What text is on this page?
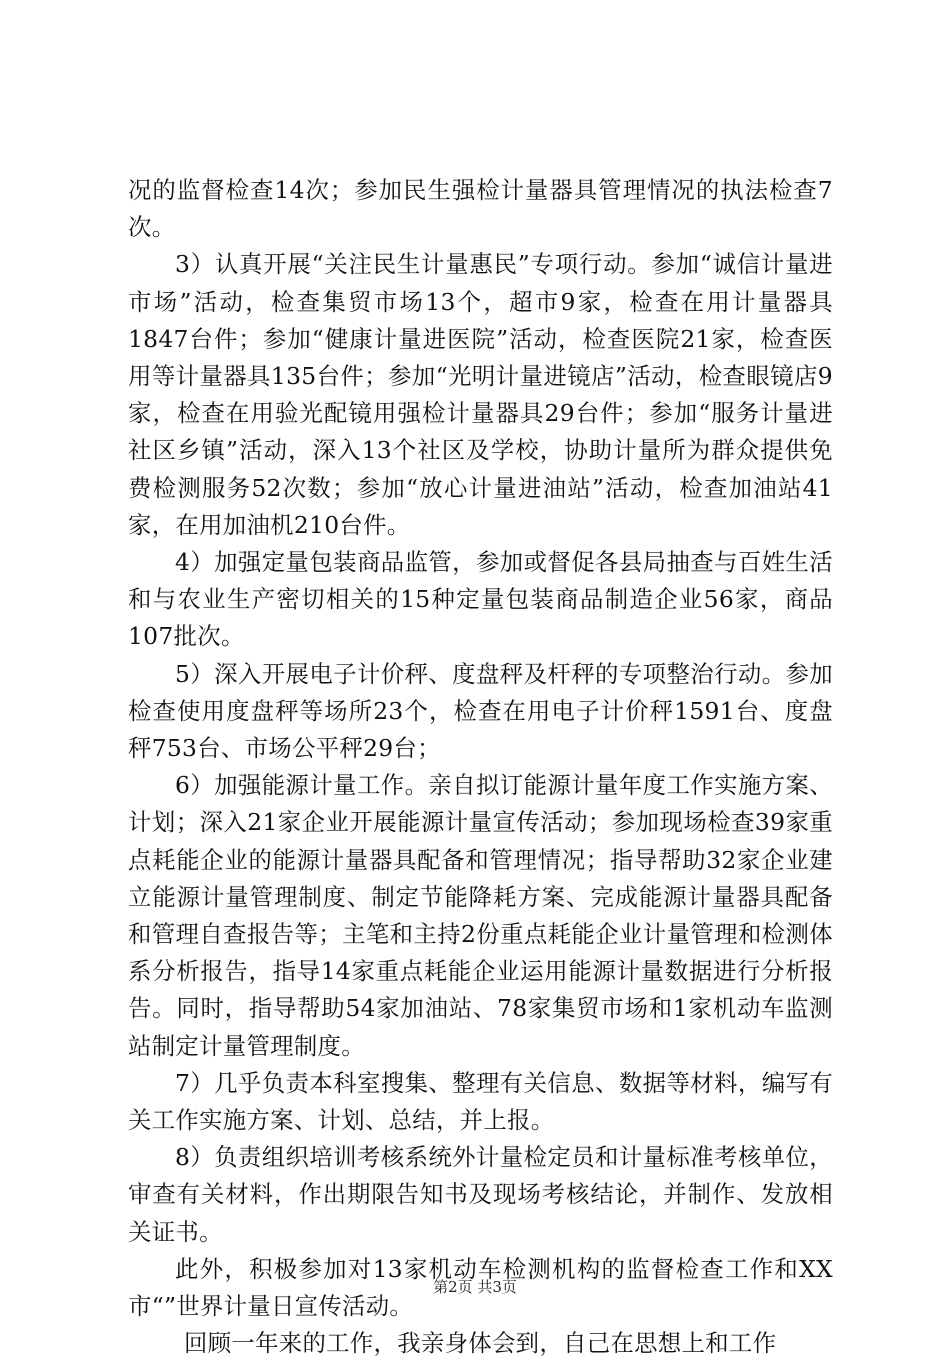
况的监督检查14次；参加民生强检计量器具管理情况的执法检查7次。

3）认真开展“关注民生计量惠民”专项行动。参加“诚信计量进市场”活动，检查集贸市场13个，超市9家，检查在用计量器具1847台件；参加“健康计量进医院”活动，检查医院21家，检查医用等计量器具135台件；参加“光明计量进镜店”活动，检查眼镜店9家，检查在用验光配镜用强检计量器具29台件；参加“服务计量进社区乡镇”活动，深入13个社区及学校，协助计量所为群众提供免费检测服务52次数；参加“放心计量进油站”活动，检查加油站41家，在用加油机210台件。

4）加强定量包装商品监管，参加或督促各县局抽查与百姓生活和与农业生产密切相关的15种定量包装商品制造企业56家，商品107批次。

5）深入开展电子计价秤、度盘秤及杆秤的专项整治行动。参加检查使用度盘秤等场所23个，检查在用电子计价秤1591台、度盘秤753台、市场公平秤29台；

6）加强能源计量工作。亲自拟订能源计量年度工作实施方案、计划；深入21家企业开展能源计量宣传活动；参加现场检查39家重点耗能企业的能源计量器具配备和管理情况；指导帮助32家企业建立能源计量管理制度、制定节能降耗方案、完成能源计量器具配备和管理自查报告等；主笔和主持2份重点耗能企业计量管理和检测体系分析报告，指导14家重点耗能企业运用能源计量数据进行分析报告。同时，指导帮助54家加油站、78家集贸市场和1家机动车监测站制定计量管理制度。

7）几乎负责本科室搜集、整理有关信息、数据等材料，编写有关工作实施方案、计划、总结，并上报。

8）负责组织培训考核系统外计量检定员和计量标准考核单位，审查有关材料，作出期限告知书及现场考核结论，并制作、发放相关证书。

此外，积极参加对13家机动车检测机构的监督检查工作和XX市“”世界计量日宣传活动。

回顾一年来的工作，我亲身体会到，自己在思想上和工作

第2页 共3页
